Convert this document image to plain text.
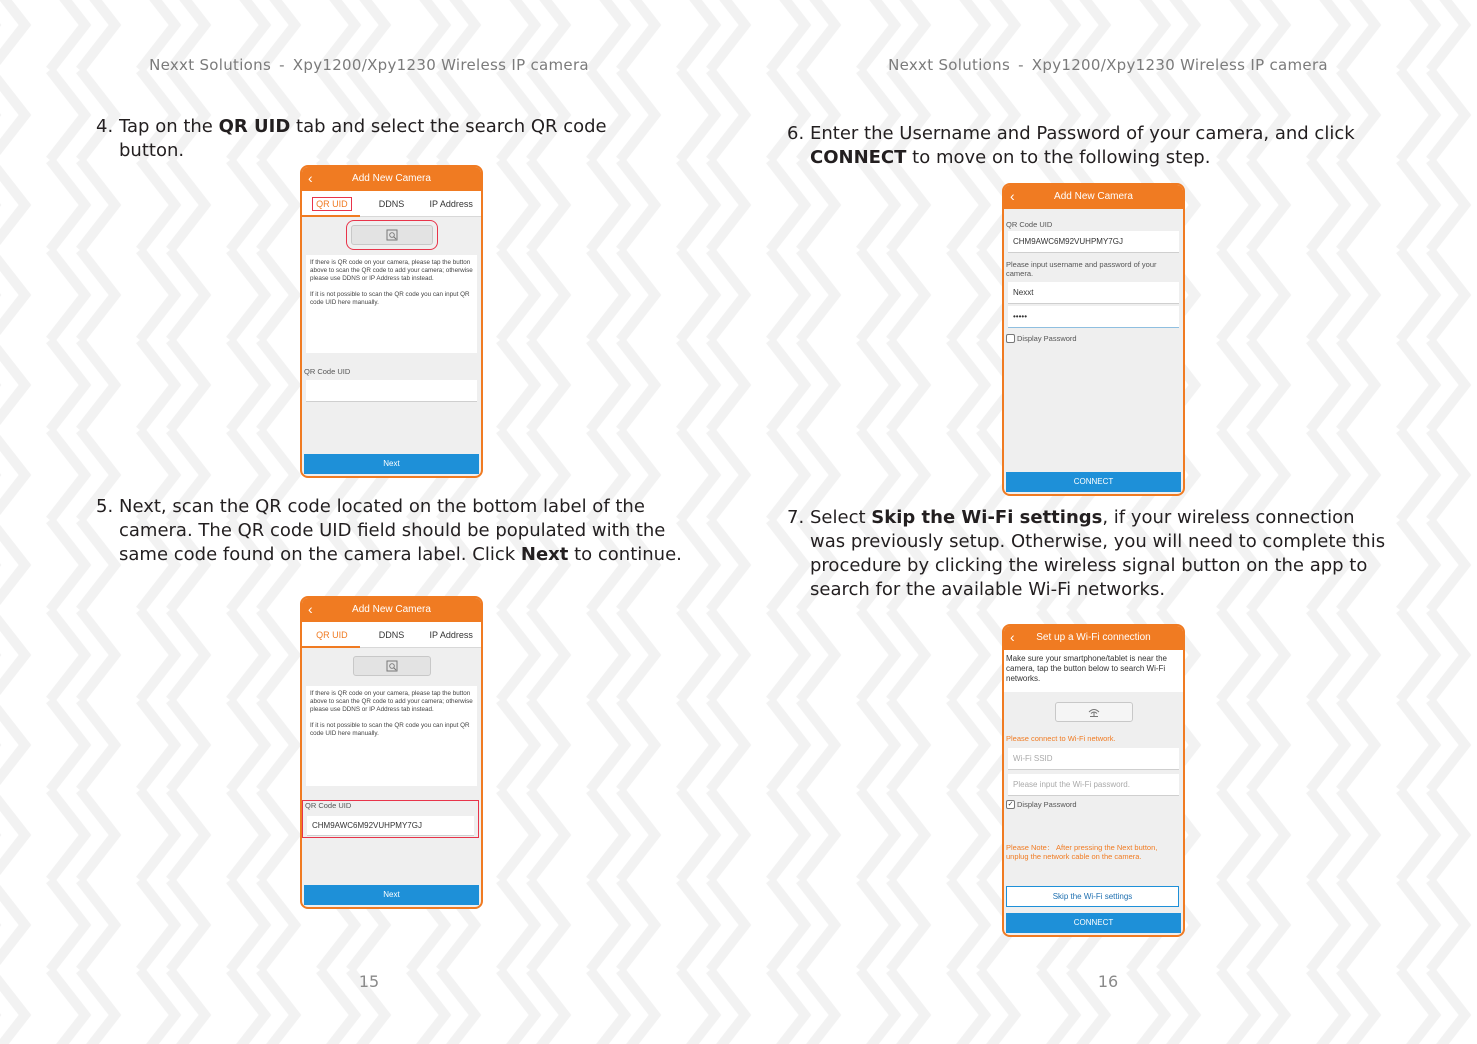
Nexxt Solutions - Xpy1200/Xpy1230 Wireless IP camera
4. Tap on the QR UID tab and select the search QR code button.
‹	Add New Camera
QR UID	DDNS	IP Address

If there is QR code on your camera, please tap the button above to scan the QR code to add your camera; otherwise please use DDNS or IP Address tab instead.

If it is not possible to scan the QR code you can input QR code UID here manually.

QR Code UID
Next
5. Next, scan the QR code located on the bottom label of the camera. The QR code UID field should be populated with the same code found on the camera label. Click Next to continue.
‹	Add New Camera
QR UID	DDNS	IP Address

If there is QR code on your camera, please tap the button above to scan the QR code to add your camera; otherwise please use DDNS or IP Address tab instead.

If it is not possible to scan the QR code you can input QR code UID here manually.

QR Code UID
CHM9AWC6M92VUHPMY7GJ
Next
15
Nexxt Solutions - Xpy1200/Xpy1230 Wireless IP camera
6. Enter the Username and Password of your camera, and click CONNECT to move on to the following step.
‹	Add New Camera
QR Code UID
CHM9AWC6M92VUHPMY7GJ
Please input username and password of your camera.
Nexxt
•••••
Display Password
CONNECT
7. Select Skip the Wi-Fi settings, if your wireless connection was previously setup. Otherwise, you will need to complete this procedure by clicking the wireless signal button on the app to search for the available Wi-Fi networks.
‹ Set up a Wi-Fi connection
Make sure your smartphone/tablet is near the camera, tap the button below to search Wi-Fi networks.
Please connect to Wi-Fi network.
Wi-Fi SSID
Please input the Wi-Fi password.
✓ Display Password
Please Note： After pressing the Next button, unplug the network cable on the camera.
Skip the Wi-Fi settings
CONNECT
16
